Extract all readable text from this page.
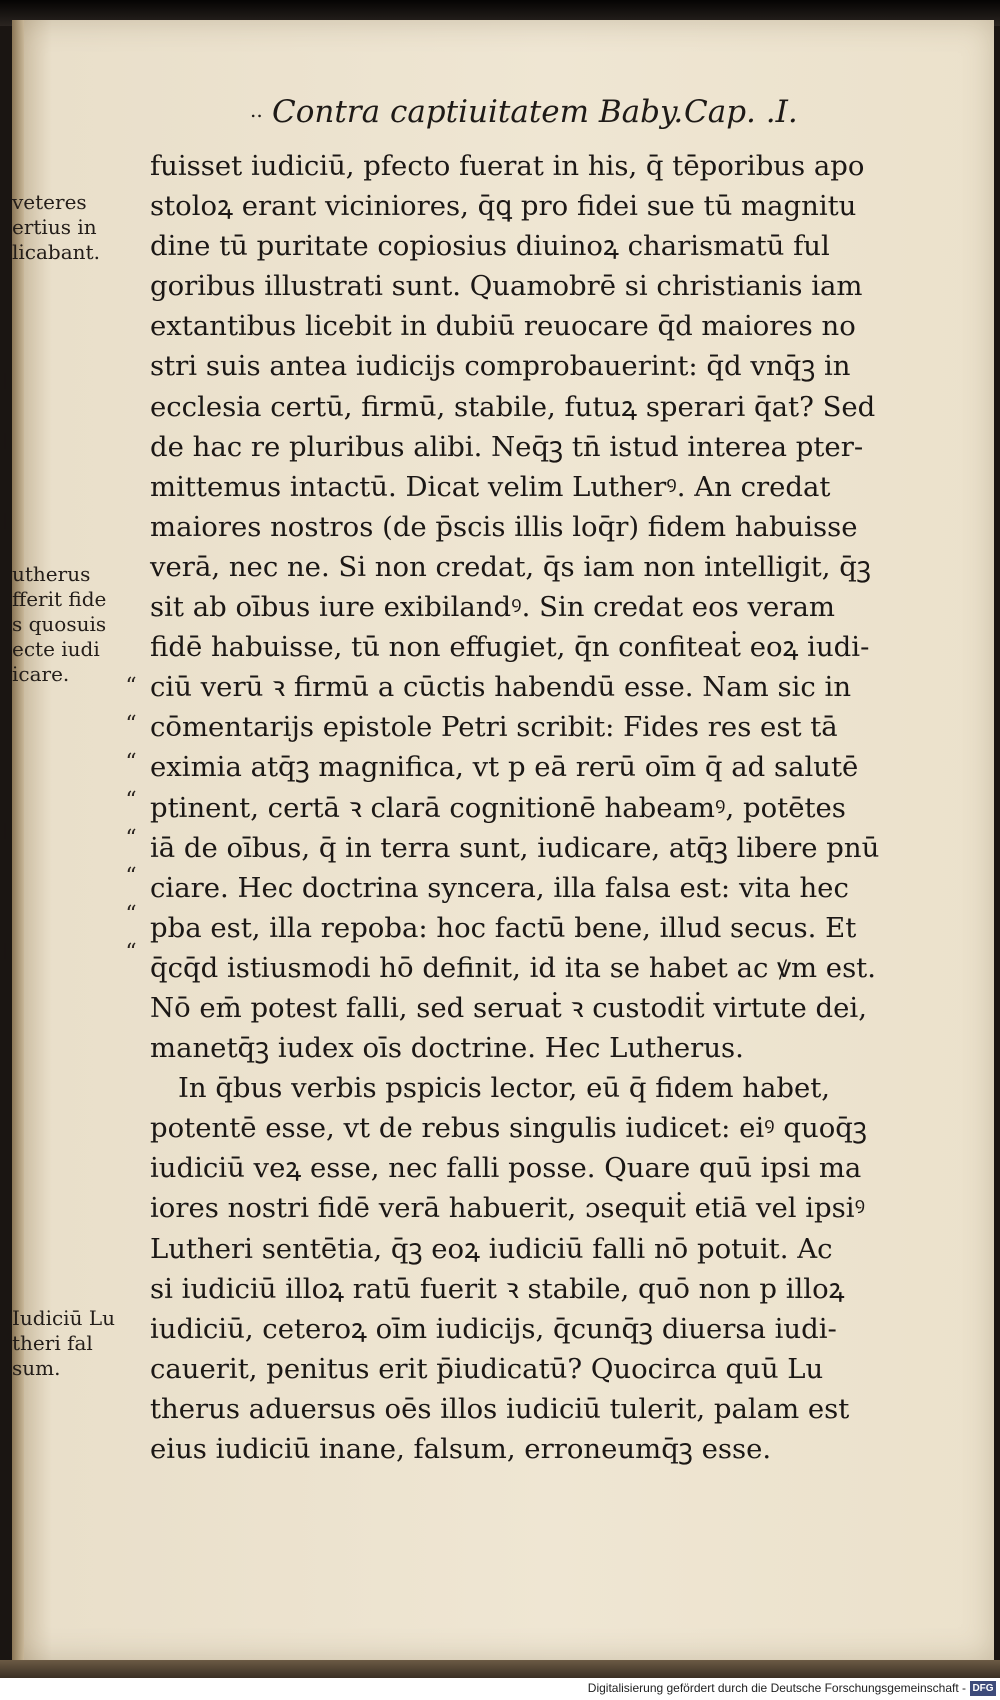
|
|
|
|
|
.. Contra captiuitatem Baby. Cap. .I.
veteres
ertius in
licabant.
utherus
fferit fide
s quosuis
ecte iudi
icare.
Iudiciū Lu
theri fal
sum.
“
“
“
“
“
“
“
“
fuisset iudiciū, pfecto fuerat in his, q̄ tēporibus apo
stoloꝝ erant viciniores, q̄ꝗ pro fidei sue tū magnitu
dine tū puritate copiosius diuinoꝝ charismatū ful
goribus illustrati sunt. Quamobrē si christianis iam
extantibus licebit in dubiū reuocare q̄d maiores no
stri suis antea iudicijs comprobauerint: q̄d vnq̄ꝫ in
ecclesia certū, firmū, stabile, futuꝝ sperari q̄at? Sed
de hac re pluribus alibi. Neq̄ꝫ tn̄ istud interea pter-
mittemus intactū. Dicat velim Lutherꝰ. An credat
maiores nostros (de p̄scis illis loq̄r) fidem habuisse
verā, nec ne. Si non credat, q̄s iam non intelligit, q̄ꝫ
sit ab oībus iure exibilandꝰ. Sin credat eos veram
fidē habuisse, tū non effugiet, q̄n confiteaṫ eoꝝ iudi-
ciū verū ꝛ firmū a cūctis habendū esse. Nam sic in
cōmentarijs epistole Petri scribit: Fides res est tā
eximia atq̄ꝫ magnifica, vt p eā rerū oīm q̄ ad salutē
ptinent, certā ꝛ clarā cognitionē habeamꝰ, potētes
iā de oībus, q̄ in terra sunt, iudicare, atq̄ꝫ libere pnū
ciare. Hec doctrina syncera, illa falsa est: vita hec
pba est, illa repoba: hoc factū bene, illud secus. Et
q̄cq̄d istiusmodi hō definit, id ita se habet ac ꝟm est.
Nō em̄ potest falli, sed seruaṫ ꝛ custodiṫ virtute dei,
manetq̄ꝫ iudex oīs doctrine. Hec Lutherus.
In q̄bus verbis pspicis lector, eū q̄ fidem habet,
potentē esse, vt de rebus singulis iudicet: eiꝰ quoq̄ꝫ
iudiciū veꝝ esse, nec falli posse. Quare quū ipsi ma
iores nostri fidē verā habuerit, ɔsequiṫ etiā vel ipsiꝰ
Lutheri sentētia, q̄ꝫ eoꝝ iudiciū falli nō potuit. Ac
si iudiciū illoꝝ ratū fuerit ꝛ stabile, quō non p illoꝝ
iudiciū, ceteroꝝ oīm iudicijs, q̄cunq̄ꝫ diuersa iudi-
cauerit, penitus erit p̄iudicatū? Quocirca quū Lu
therus aduersus oēs illos iudiciū tulerit, palam est
eius iudiciū inane, falsum, erroneumq̄ꝫ esse.
Digitalisierung gefördert durch die Deutsche Forschungsgemeinschaft - DFG
